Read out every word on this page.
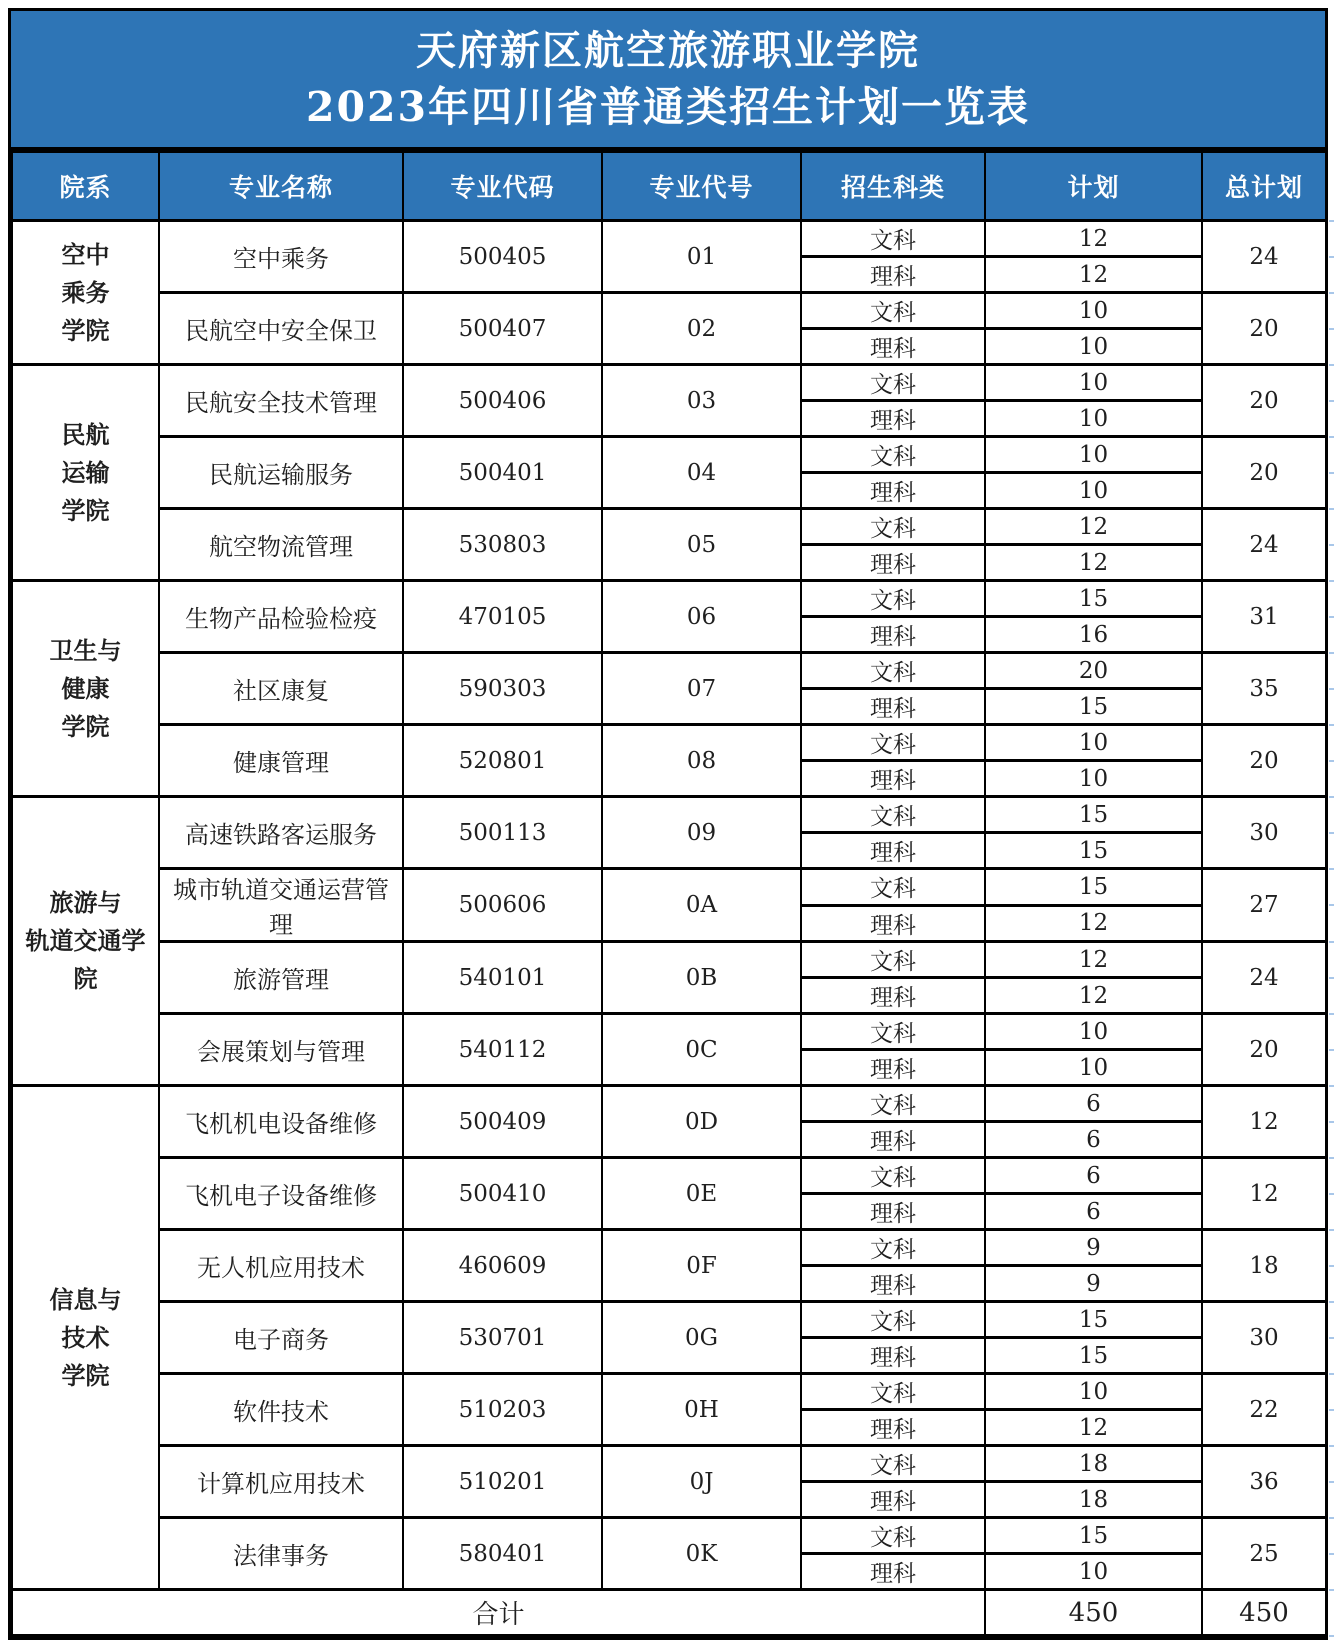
天府新区航空旅游职业学院
2023年四川省普通类招生计划一览表
院系	专业名称	专业代码	专业代号	招生科类	计划	总计划

空中
乘务
学院	空中乘务	500405	01	文科	12	24
				理科	12	
	民航空中安全保卫	500407	02	文科	10	20
				理科	10	

民航
运输
学院	民航安全技术管理	500406	03	文科	10	20
				理科	10	
	民航运输服务	500401	04	文科	10	20
				理科	10	
	航空物流管理	530803	05	文科	12	24
				理科	12	

卫生与
健康
学院	生物产品检验检疫	470105	06	文科	15	31
				理科	16	
	社区康复	590303	07	文科	20	35
				理科	15	
	健康管理	520801	08	文科	10	20
				理科	10	

旅游与
轨道交通学
院	高速铁路客运服务	500113	09	文科	15	30
				理科	15	
	城市轨道交通运营管理	500606	0A	文科	15	27
				理科	12	
	旅游管理	540101	0B	文科	12	24
				理科	12	
	会展策划与管理	540112	0C	文科	10	20
				理科	10	

信息与
技术
学院	飞机机电设备维修	500409	0D	文科	6	12
				理科	6	
	飞机电子设备维修	500410	0E	文科	6	12
				理科	6	
	无人机应用技术	460609	0F	文科	9	18
				理科	9	
	电子商务	530701	0G	文科	15	30
				理科	15	
	软件技术	510203	0H	文科	10	22
				理科	12	
	计算机应用技术	510201	0J	文科	18	36
				理科	18	
	法律事务	580401	0K	文科	15	25
				理科	10	
合计					450	450
